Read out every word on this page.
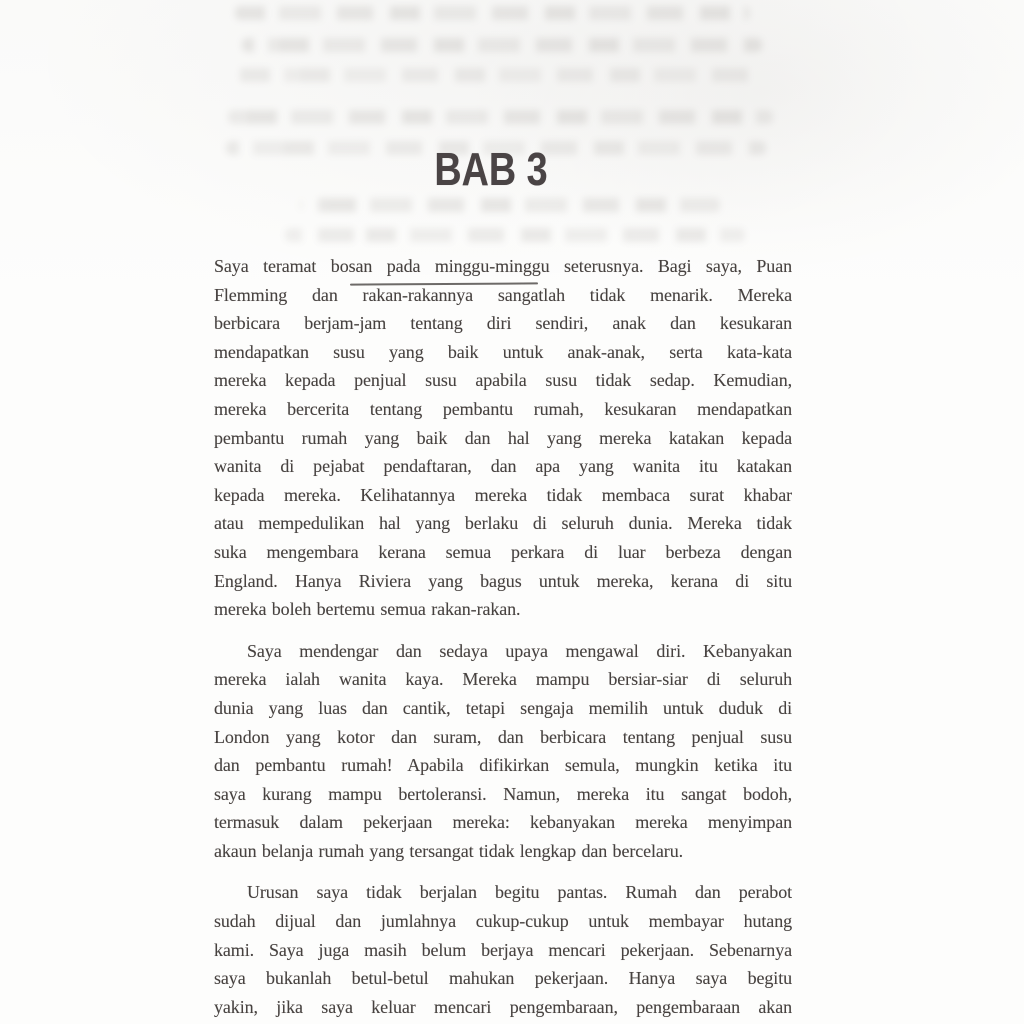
BAB 3
Saya teramat bosan pada minggu-minggu seterusnya. Bagi saya, Puan
Flemming dan rakan-rakannya sangatlah tidak menarik. Mereka
berbicara berjam-jam tentang diri sendiri, anak dan kesukaran
mendapatkan susu yang baik untuk anak-anak, serta kata-kata
mereka kepada penjual susu apabila susu tidak sedap. Kemudian,
mereka bercerita tentang pembantu rumah, kesukaran mendapatkan
pembantu rumah yang baik dan hal yang mereka katakan kepada
wanita di pejabat pendaftaran, dan apa yang wanita itu katakan
kepada mereka. Kelihatannya mereka tidak membaca surat khabar
atau mempedulikan hal yang berlaku di seluruh dunia. Mereka tidak
suka mengembara kerana semua perkara di luar berbeza dengan
England. Hanya Riviera yang bagus untuk mereka, kerana di situ
mereka boleh bertemu semua rakan-rakan.
Saya mendengar dan sedaya upaya mengawal diri. Kebanyakan
mereka ialah wanita kaya. Mereka mampu bersiar-siar di seluruh
dunia yang luas dan cantik, tetapi sengaja memilih untuk duduk di
London yang kotor dan suram, dan berbicara tentang penjual susu
dan pembantu rumah! Apabila difikirkan semula, mungkin ketika itu
saya kurang mampu bertoleransi. Namun, mereka itu sangat bodoh,
termasuk dalam pekerjaan mereka: kebanyakan mereka menyimpan
akaun belanja rumah yang tersangat tidak lengkap dan bercelaru.
Urusan saya tidak berjalan begitu pantas. Rumah dan perabot
sudah dijual dan jumlahnya cukup-cukup untuk membayar hutang
kami. Saya juga masih belum berjaya mencari pekerjaan. Sebenarnya
saya bukanlah betul-betul mahukan pekerjaan. Hanya saya begitu
yakin, jika saya keluar mencari pengembaraan, pengembaraan akan
